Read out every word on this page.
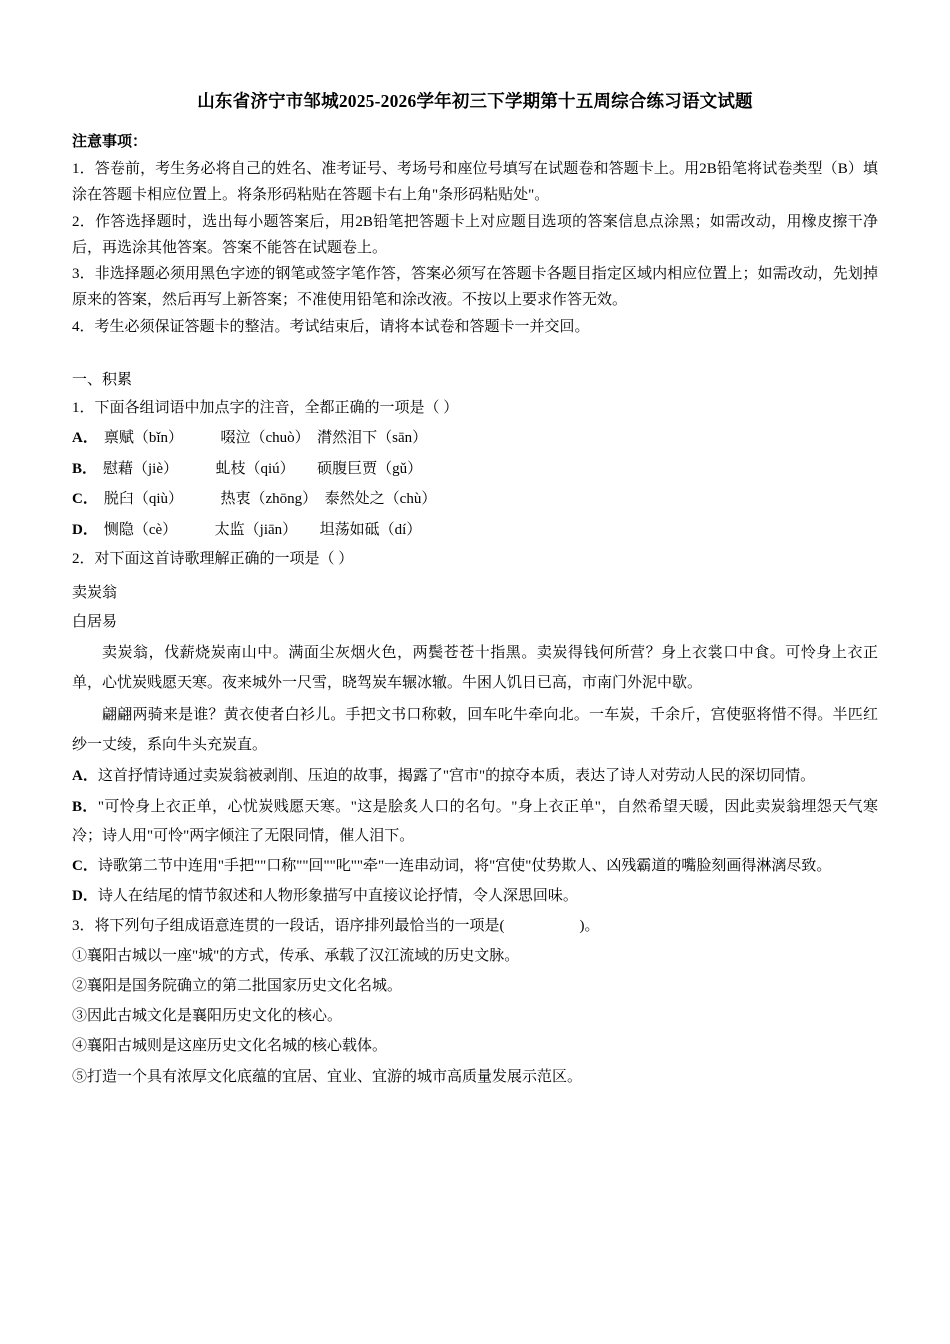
山东省济宁市邹城2025-2026学年初三下学期第十五周综合练习语文试题
注意事项：

1．答卷前，考生务必将自己的姓名、准考证号、考场号和座位号填写在试题卷和答题卡上。用2B铅笔将试卷类型（B）填涂在答题卡相应位置上。将条形码粘贴在答题卡右上角"条形码粘贴处"。

2．作答选择题时，选出每小题答案后，用2B铅笔把答题卡上对应题目选项的答案信息点涂黑；如需改动，用橡皮擦干净后，再选涂其他答案。答案不能答在试题卷上。

3．非选择题必须用黑色字迹的钢笔或签字笔作答，答案必须写在答题卡各题目指定区域内相应位置上；如需改动，先划掉原来的答案，然后再写上新答案；不准使用铅笔和涂改液。不按以上要求作答无效。

4．考生必须保证答题卡的整洁。考试结束后，请将本试卷和答题卡一并交回。

一、积累

1．下面各组词语中加点字的注音，全都正确的一项是（ ）

A． 禀赋（bǐn）　　　啜泣（chuò）　潸然泪下（sān）

B． 慰藉（jiè）　　　虬枝（qiú）　　硕腹巨贾（gǔ）

C． 脱臼（qiù）　　　热衷（zhōng）　泰然处之（chù）

D． 恻隐（cè）　　　太监（jiān）　　坦荡如砥（dí）

2．对下面这首诗歌理解正确的一项是（ ）

卖炭翁

白居易

卖炭翁，伐薪烧炭南山中。满面尘灰烟火色，两鬓苍苍十指黑。卖炭得钱何所营？身上衣裳口中食。可怜身上衣正单，心忧炭贱愿天寒。夜来城外一尺雪，晓驾炭车辗冰辙。牛困人饥日已高，市南门外泥中歇。

翩翩两骑来是谁？黄衣使者白衫儿。手把文书口称敕，回车叱牛牵向北。一车炭，千余斤，宫使驱将惜不得。半匹红纱一丈绫，系向牛头充炭直。

A．这首抒情诗通过卖炭翁被剥削、压迫的故事，揭露了"宫市"的掠夺本质，表达了诗人对劳动人民的深切同情。

B．"可怜身上衣正单，心忧炭贱愿天寒。"这是脍炙人口的名句。"身上衣正单"，自然希望天暖，因此卖炭翁埋怨天气寒冷；诗人用"可怜"两字倾注了无限同情，催人泪下。

C．诗歌第二节中连用"手把""口称""回""叱""牵"一连串动词，将"宫使"仗势欺人、凶残霸道的嘴脸刻画得淋漓尽致。

D．诗人在结尾的情节叙述和人物形象描写中直接议论抒情，令人深思回味。

3．将下列句子组成语意连贯的一段话，语序排列最恰当的一项是(　　　　　)。

①襄阳古城以一座"城"的方式，传承、承载了汉江流域的历史文脉。

②襄阳是国务院确立的第二批国家历史文化名城。

③因此古城文化是襄阳历史文化的核心。

④襄阳古城则是这座历史文化名城的核心载体。

⑤打造一个具有浓厚文化底蕴的宜居、宜业、宜游的城市高质量发展示范区。
